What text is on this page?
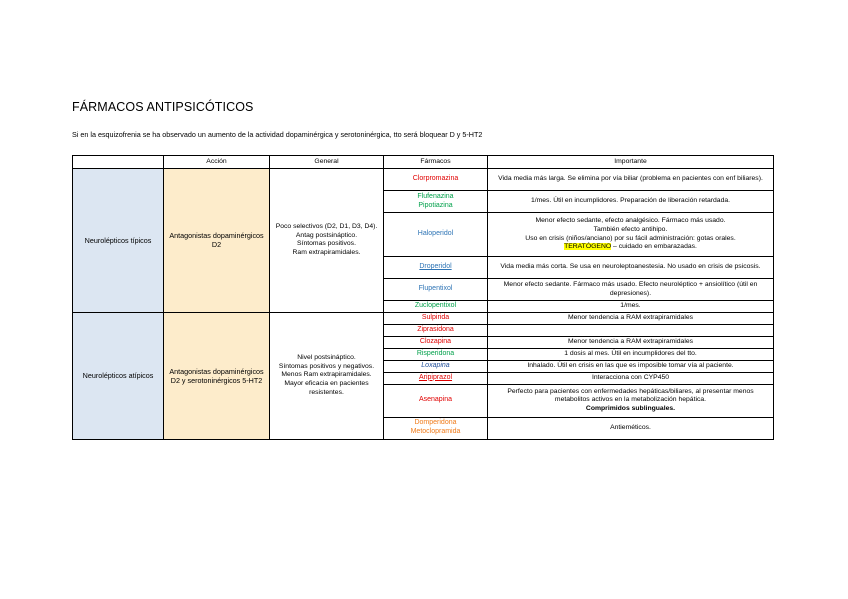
FÁRMACOS ANTIPSICÓTICOS
Si en la esquizofrenia se ha observado un aumento de la actividad dopaminérgica y serotoninérgica, tto será bloquear D y 5-HT2
	Acción	General	Fármacos	Importante
Neurolépticos típicos	Antagonistas dopaminérgicos D2	Poco selectivos (D2, D1, D3, D4).
Antag postsináptico.
Síntomas positivos.
Ram extrapiramidales.	Clorpromazina	Vida media más larga. Se elimina por vía biliar (problema en pacientes con enf biliares).

			Flufenazina
Pipotiazina	1/mes. Útil en incumplidores. Preparación de liberación retardada.
			Haloperidol	Menor efecto sedante, efecto analgésico. Fármaco más usado.
También efecto antihipo.
Uso en crisis (niños/anciano) por su fácil administración: gotas orales.
TERATÓGENO – cuidado en embarazadas.

			Droperidol	Vida media más corta. Se usa en neuroleptoanestesia. No usado en crisis de psicosis.
			Flupentixol	Menor efecto sedante. Fármaco más usado. Efecto neuroléptico + ansiolítico (útil en depresiones).
			Zuclopentixol	1/mes.
Neurolépticos atípicos	Antagonistas dopaminérgicos D2 y serotoninérgicos 5-HT2	Nivel postsináptico.
Síntomas positivos y negativos.
Menos Ram extrapiramidales.
Mayor eficacia en pacientes resistentes.	Sulpirida	Menor tendencia a RAM extrapiramidales
			Ziprasidona	
			Clozapina	Menor tendencia a RAM extrapiramidales
			Risperidona	1 dosis al mes. Útil en incumplidores del tto.
			Loxapina	Inhalado. Útil en crisis en las que es imposible tomar vía al paciente.
			Aripiprazol	Interacciona con CYP450
			Asenapina	Perfecto para pacientes con enfermedades hepáticas/biliares, al presentar menos metabolitos activos en la metabolización hepática.
Comprimidos sublinguales.

			Domperidona
Metoclopramida	Antieméticos.
